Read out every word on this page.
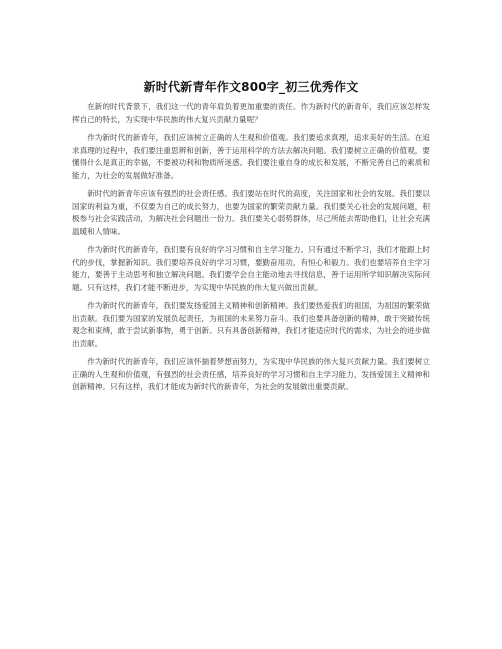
新时代新青年作文800字_初三优秀作文

在新的时代背景下，我们这一代的青年肩负着更加重要的责任。作为新时代的新青年，我们应该怎样发挥自己的特长，为实现中华民族的伟大复兴贡献力量呢？

作为新时代的新青年，我们应该树立正确的人生观和价值观。我们要追求真理，追求美好的生活。在追求真理的过程中，我们要注重思辨和创新，善于运用科学的方法去解决问题。我们要树立正确的价值观，要懂得什么是真正的幸福，不要被功利和物质所迷惑。我们要注重自身的成长和发展，不断完善自己的素质和能力，为社会的发展做好准备。

新时代的新青年应该有强烈的社会责任感。我们要站在时代的高度，关注国家和社会的发展。我们要以国家的利益为重，不仅要为自己的成长努力，也要为国家的繁荣贡献力量。我们要关心社会的发展问题，积极参与社会实践活动，为解决社会问题出一份力。我们要关心弱势群体，尽己所能去帮助他们，让社会充满温暖和人情味。

作为新时代的新青年，我们要有良好的学习习惯和自主学习能力。只有通过不断学习，我们才能跟上时代的步伐，掌握新知识。我们要培养良好的学习习惯，要勤奋用功，有恒心和毅力。我们也要培养自主学习能力，要善于主动思考和独立解决问题。我们要学会自主能动地去寻找信息，善于运用所学知识解决实际问题。只有这样，我们才能不断进步，为实现中华民族的伟大复兴做出贡献。

作为新时代的新青年，我们要发扬爱国主义精神和创新精神。我们要热爱我们的祖国，为祖国的繁荣做出贡献。我们要为国家的发展负起责任，为祖国的未来努力奋斗。我们也要具备创新的精神，敢于突破传统观念和束缚，敢于尝试新事物，勇于创新。只有具备创新精神，我们才能适应时代的需求，为社会的进步做出贡献。

作为新时代的新青年，我们应该怀揣着梦想而努力，为实现中华民族的伟大复兴贡献力量。我们要树立正确的人生观和价值观，有强烈的社会责任感，培养良好的学习习惯和自主学习能力，发扬爱国主义精神和创新精神。只有这样，我们才能成为新时代的新青年，为社会的发展做出重要贡献。
